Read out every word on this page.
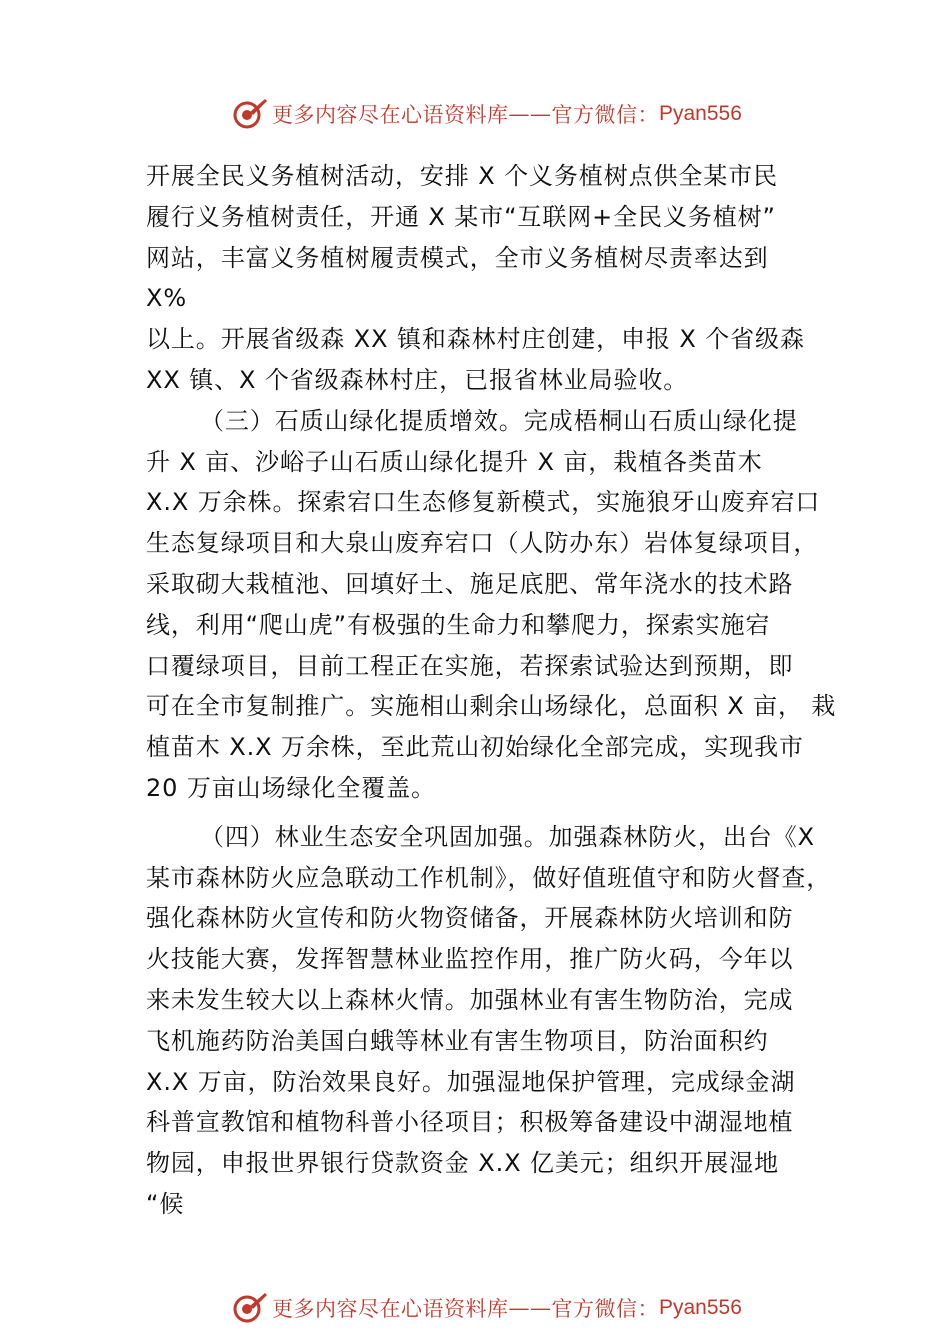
更多内容尽在心语资料库 —— 官方微信： Pyan556
开展全民义务植树活动，安排 X 个义务植树点供全某市民
履行义务植树责任，开通 X 某市“互联网+全民义务植树”
网站，丰富义务植树履责模式，全市义务植树尽责率达到
X%
以上。开展省级森 XX 镇和森林村庄创建，申报 X 个省级森
XX 镇、X 个省级森林村庄，已报省林业局验收。
（三）石质山绿化提质增效。完成梧桐山石质山绿化提
升 X 亩、沙峪子山石质山绿化提升 X 亩，栽植各类苗木
X.X 万余株。探索宕口生态修复新模式，实施狼牙山废弃宕口
生态复绿项目和大泉山废弃宕口（人防办东）岩体复绿项目，
采取砌大栽植池、回填好土、施足底肥、常年浇水的技术路
线，利用“爬山虎”有极强的生命力和攀爬力，探索实施宕
口覆绿项目，目前工程正在实施，若探索试验达到预期，即
可在全市复制推广。实施相山剩余山场绿化，总面积 X 亩， 栽
植苗木 X.X 万余株，至此荒山初始绿化全部完成，实现我市
20 万亩山场绿化全覆盖。
（四）林业生态安全巩固加强。加强森林防火，出台《X
某市森林防火应急联动工作机制》，做好值班值守和防火督查，
强化森林防火宣传和防火物资储备，开展森林防火培训和防
火技能大赛，发挥智慧林业监控作用，推广防火码，今年以
来未发生较大以上森林火情。加强林业有害生物防治，完成
飞机施药防治美国白蛾等林业有害生物项目，防治面积约
X.X 万亩，防治效果良好。加强湿地保护管理，完成绿金湖
科普宣教馆和植物科普小径项目；积极筹备建设中湖湿地植
物园，申报世界银行贷款资金 X.X 亿美元；组织开展湿地
“候
更多内容尽在心语资料库 —— 官方微信： Pyan556
